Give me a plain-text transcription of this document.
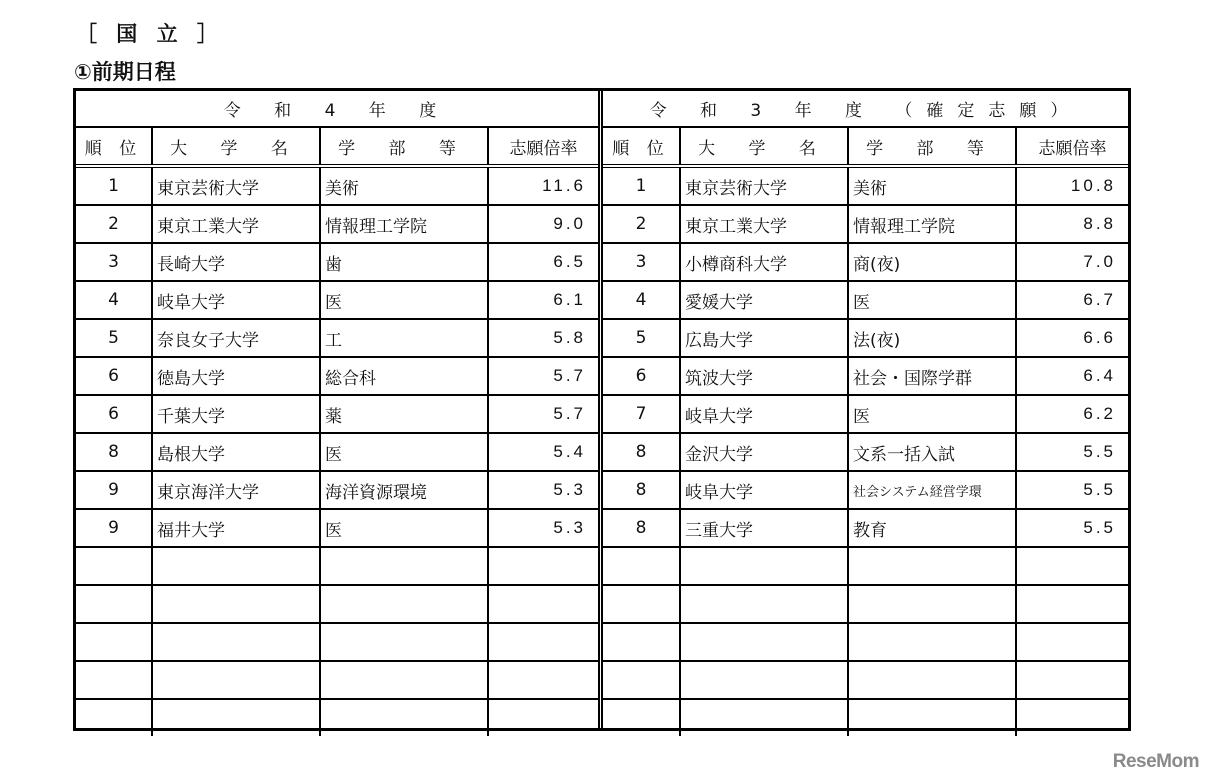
［ 国 立 ］
①前期日程
令 和 4 年 度			
順 位	大 学 名	学 部 等	志願倍率
1	東京芸術大学	美術	11.6
2	東京工業大学	情報理工学院	9.0
3	長崎大学	歯	6.5
4	岐阜大学	医	6.1
5	奈良女子大学	工	5.8
6	徳島大学	総合科	5.7
6	千葉大学	薬	5.7
8	島根大学	医	5.4
9	東京海洋大学	海洋資源環境	5.3
9	福井大学	医	5.3

令 和 3 年 度 （確定志願）			
順 位	大 学 名	学 部 等	志願倍率
1	東京芸術大学	美術	10.8
2	東京工業大学	情報理工学院	8.8
3	小樽商科大学	商(夜)	7.0
4	愛媛大学	医	6.7
5	広島大学	法(夜)	6.6
6	筑波大学	社会・国際学群	6.4
7	岐阜大学	医	6.2
8	金沢大学	文系一括入試	5.5
8	岐阜大学	社会システム経営学環	5.5
8	三重大学	教育	5.5

ReseMom
